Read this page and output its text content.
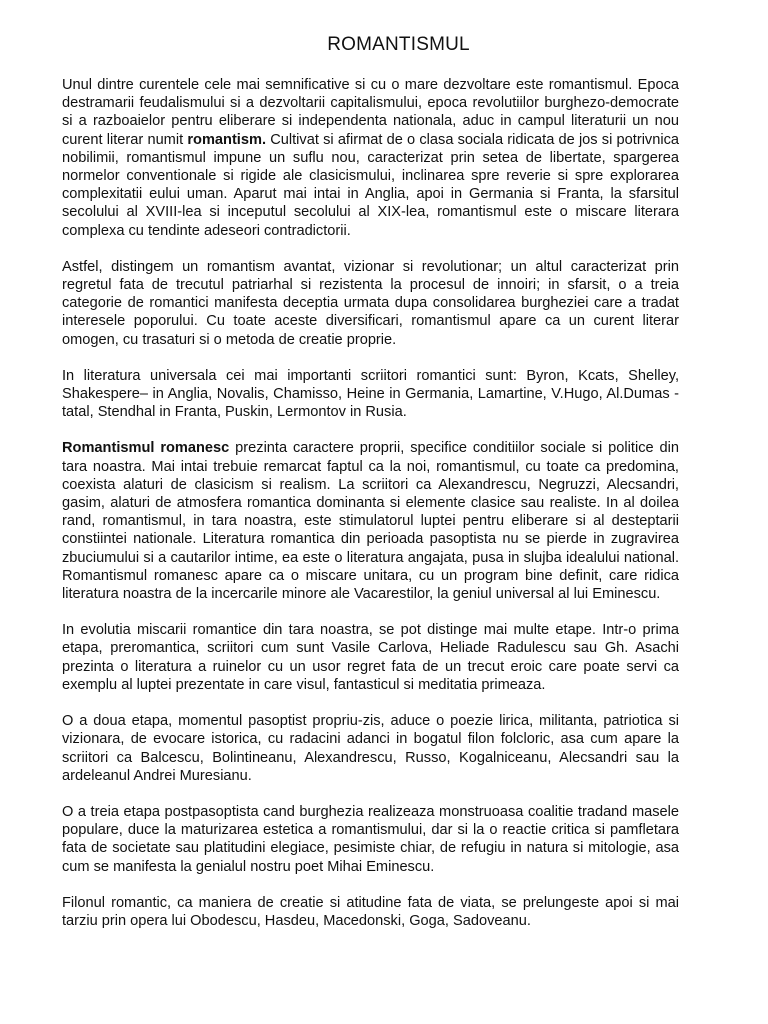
ROMANTISMUL

Unul dintre curentele cele mai semnificative si cu o mare dezvoltare este romantismul. Epoca destramarii feudalismului si a dezvoltarii capitalismului, epoca revolutiilor burghezo-democrate si a razboaielor pentru eliberare si independenta nationala, aduc in campul literaturii un nou curent literar numit romantism. Cultivat si afirmat de o clasa sociala ridicata de jos si potrivnica nobilimii, romantismul impune un suflu nou, caracterizat prin setea de libertate, spargerea normelor conventionale si rigide ale clasicismului, inclinarea spre reverie si spre explorarea complexitatii eului uman. Aparut mai intai in Anglia, apoi in Germania si Franta, la sfarsitul secolului al XVIII-lea si inceputul secolului al XIX-lea, romantismul este o miscare literara complexa cu tendinte adeseori contradictorii.

Astfel, distingem un romantism avantat, vizionar si revolutionar; un altul caracterizat prin regretul fata de trecutul patriarhal si rezistenta la procesul de innoiri; in sfarsit, o a treia categorie de romantici manifesta deceptia urmata dupa consolidarea burgheziei care a tradat interesele poporului. Cu toate aceste diversificari, romantismul apare ca un curent literar omogen, cu trasaturi si o metoda de creatie proprie.

In literatura universala cei mai importanti scriitori romantici sunt: Byron, Kcats, Shelley, Shakespere– in Anglia, Novalis, Chamisso, Heine in Germania, Lamartine, V.Hugo, Al.Dumas - tatal, Stendhal in Franta, Puskin, Lermontov in Rusia.

Romantismul romanesc prezinta caractere proprii, specifice conditiilor sociale si politice din tara noastra. Mai intai trebuie remarcat faptul ca la noi, romantismul, cu toate ca predomina, coexista alaturi de clasicism si realism. La scriitori ca Alexandrescu, Negruzzi, Alecsandri, gasim, alaturi de atmosfera romantica dominanta si elemente clasice sau realiste. In al doilea rand, romantismul, in tara noastra, este stimulatorul luptei pentru eliberare si al desteptarii constiintei nationale. Literatura romantica din perioada pasoptista nu se pierde in zugravirea zbuciumului si a cautarilor intime, ea este o literatura angajata, pusa in slujba idealului national. Romantismul romanesc apare ca o miscare unitara, cu un program bine definit, care ridica literatura noastra de la incercarile minore ale Vacarestilor, la geniul universal al lui Eminescu.

In evolutia miscarii romantice din tara noastra, se pot distinge mai multe etape. Intr-o prima etapa, preromantica, scriitori cum sunt Vasile Carlova, Heliade Radulescu sau Gh. Asachi prezinta o literatura a ruinelor cu un usor regret fata de un trecut eroic care poate servi ca exemplu al luptei prezentate in care visul, fantasticul si meditatia primeaza.

O a doua etapa, momentul pasoptist propriu-zis, aduce o poezie lirica, militanta, patriotica si vizionara, de evocare istorica, cu radacini adanci in bogatul filon folcloric, asa cum apare la scriitori ca Balcescu, Bolintineanu, Alexandrescu, Russo, Kogalniceanu, Alecsandri sau la ardeleanul Andrei Muresianu.

O a treia etapa postpasoptista cand burghezia realizeaza monstruoasa coalitie tradand masele populare, duce la maturizarea estetica a romantismului, dar si la o reactie critica si pamfletara fata de societate sau platitudini elegiace, pesimiste chiar, de refugiu in natura si mitologie, asa cum se manifesta la genialul nostru poet Mihai Eminescu.

Filonul romantic, ca maniera de creatie si atitudine fata de viata, se prelungeste apoi si mai tarziu prin opera lui Obodescu, Hasdeu, Macedonski, Goga, Sadoveanu.
